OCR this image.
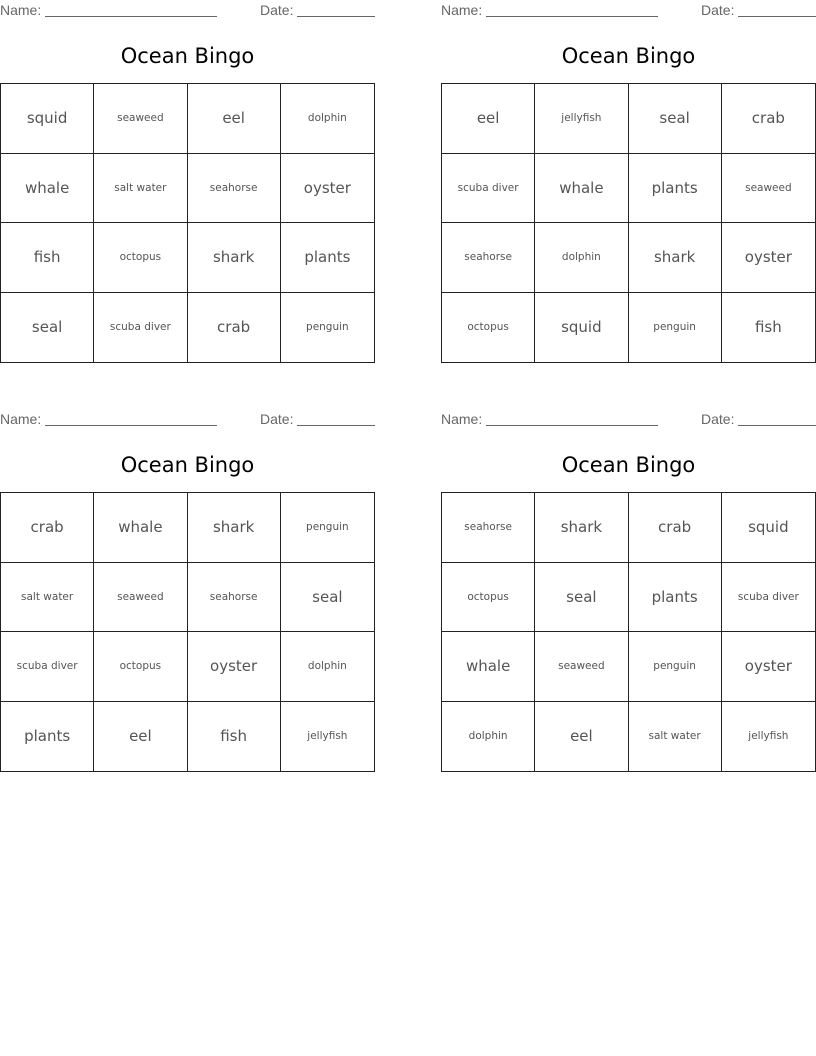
Name:	Date:
Ocean Bingo
squid	seaweed	eel	dolphin
whale	salt water	seahorse	oyster
fish	octopus	shark	plants
seal	scuba diver	crab	penguin
Name:	Date:
Ocean Bingo
eel	jellyfish	seal	crab
scuba diver	whale	plants	seaweed
seahorse	dolphin	shark	oyster
octopus	squid	penguin	fish
Name:	Date:
Ocean Bingo
crab	whale	shark	penguin
salt water	seaweed	seahorse	seal
scuba diver	octopus	oyster	dolphin
plants	eel	fish	jellyfish
Name:	Date:
Ocean Bingo
seahorse	shark	crab	squid
octopus	seal	plants	scuba diver
whale	seaweed	penguin	oyster
dolphin	eel	salt water	jellyfish
